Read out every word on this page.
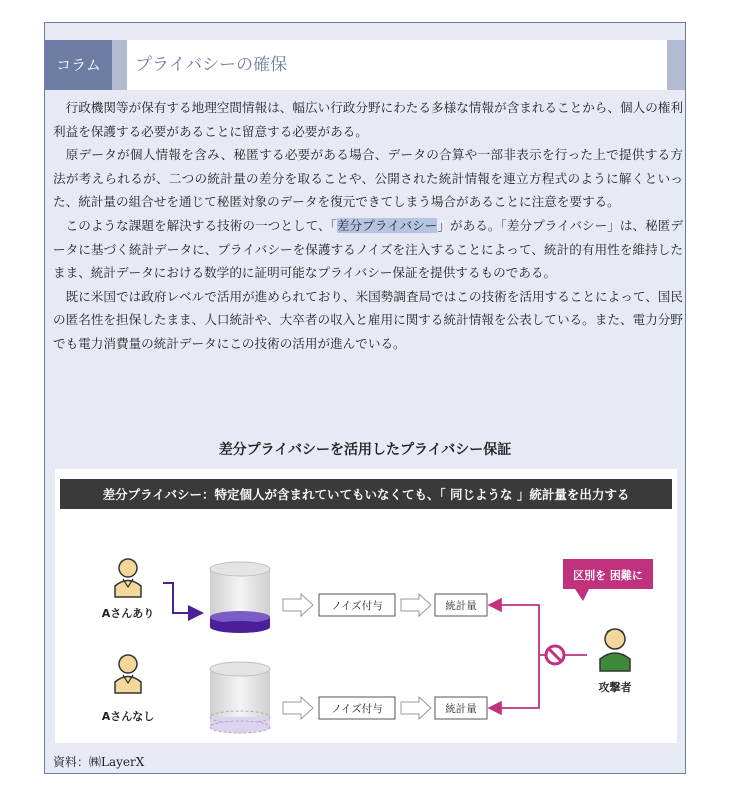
コラム	プライバシーの確保

行政機関等が保有する地理空間情報は、幅広い行政分野にわたる多様な情報が含まれることから、個人の権利利益を保護する必要があることに留意する必要がある。

原データが個人情報を含み、秘匿する必要がある場合、データの合算や一部非表示を行った上で提供する方法が考えられるが、二つの統計量の差分を取ることや、公開された統計情報を連立方程式のように解くといった、統計量の組合せを通じて秘匿対象のデータを復元できてしまう場合があることに注意を要する。

このような課題を解決する技術の一つとして、「差分プライバシー」がある。「差分プライバシー」は、秘匿データに基づく統計データに、プライバシーを保護するノイズを注入することによって、統計的有用性を維持したまま、統計データにおける数学的に証明可能なプライバシー保証を提供するものである。

既に米国では政府レベルで活用が進められており、米国勢調査局ではこの技術を活用することによって、国民の匿名性を担保したまま、人口統計や、大卒者の収入と雇用に関する統計情報を公表している。また、電力分野でも電力消費量の統計データにこの技術の活用が進んでいる。

差分プライバシーを活用したプライバシー保証
差分プライバシー：特定個人が含まれていてもいなくても、「 同じような 」統計量を出力する
Aさんあり
ノイズ付与	統計量
Aさんなし
ノイズ付与	統計量
区別を 困難に
攻撃者
資料：㈱LayerX
